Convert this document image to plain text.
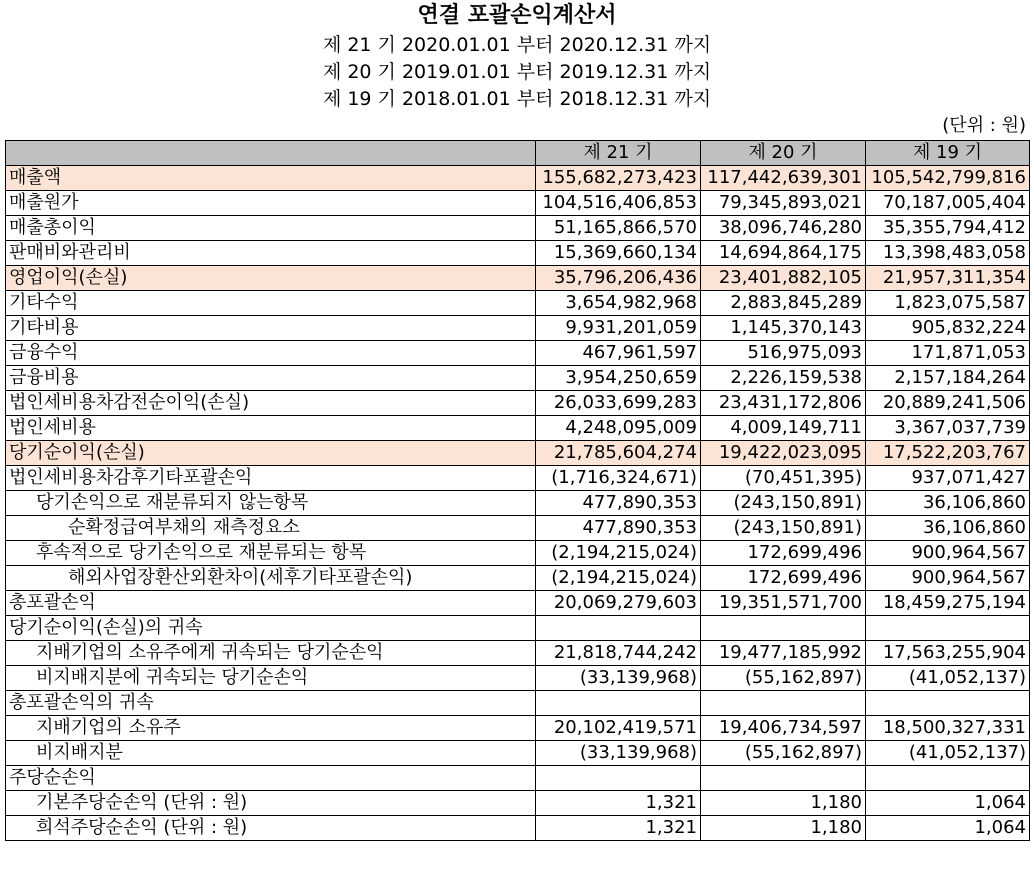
연결 포괄손익계산서
제 21 기 2020.01.01 부터 2020.12.31 까지
제 20 기 2019.01.01 부터 2019.12.31 까지
제 19 기 2018.01.01 부터 2018.12.31 까지
(단위 : 원)
	제 21 기	제 20 기	제 19 기
매출액	155,682,273,423	117,442,639,301	105,542,799,816
매출원가	104,516,406,853	79,345,893,021	70,187,005,404
매출총이익	51,165,866,570	38,096,746,280	35,355,794,412
판매비와관리비	15,369,660,134	14,694,864,175	13,398,483,058
영업이익(손실)	35,796,206,436	23,401,882,105	21,957,311,354
기타수익	3,654,982,968	2,883,845,289	1,823,075,587
기타비용	9,931,201,059	1,145,370,143	905,832,224
금융수익	467,961,597	516,975,093	171,871,053
금융비용	3,954,250,659	2,226,159,538	2,157,184,264
법인세비용차감전순이익(손실)	26,033,699,283	23,431,172,806	20,889,241,506
법인세비용	4,248,095,009	4,009,149,711	3,367,037,739
당기순이익(손실)	21,785,604,274	19,422,023,095	17,522,203,767
법인세비용차감후기타포괄손익	(1,716,324,671)	(70,451,395)	937,071,427
당기손익으로 재분류되지 않는항목	477,890,353	(243,150,891)	36,106,860
순확정급여부채의 재측정요소	477,890,353	(243,150,891)	36,106,860
후속적으로 당기손익으로 재분류되는 항목	(2,194,215,024)	172,699,496	900,964,567
해외사업장환산외환차이(세후기타포괄손익)	(2,194,215,024)	172,699,496	900,964,567
총포괄손익	20,069,279,603	19,351,571,700	18,459,275,194
당기순이익(손실)의 귀속			
지배기업의 소유주에게 귀속되는 당기순손익	21,818,744,242	19,477,185,992	17,563,255,904
비지배지분에 귀속되는 당기순손익	(33,139,968)	(55,162,897)	(41,052,137)
총포괄손익의 귀속			
지배기업의 소유주	20,102,419,571	19,406,734,597	18,500,327,331
비지배지분	(33,139,968)	(55,162,897)	(41,052,137)
주당순손익			
기본주당순손익 (단위 : 원)	1,321	1,180	1,064
희석주당순손익 (단위 : 원)	1,321	1,180	1,064
